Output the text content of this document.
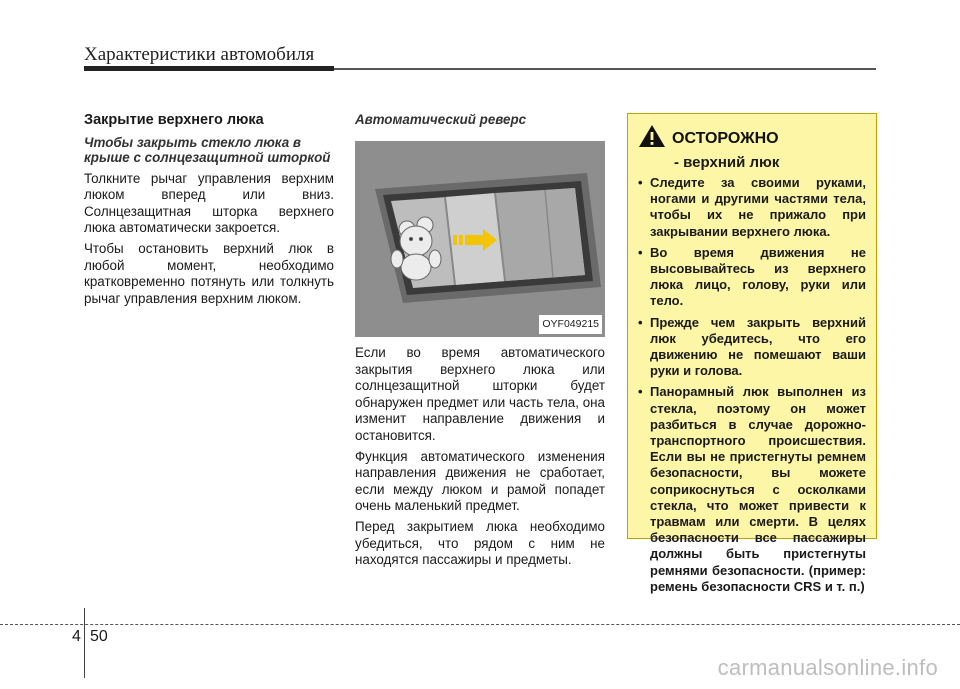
Характеристики автомобиля
Закрытие верхнего люка
Чтобы закрыть стекло люка в крыше с солнцезащитной шторкой

Толкните рычаг управления верхним люком вперед или вниз. Солнцезащитная шторка верхнего люка автоматически закроется.

Чтобы остановить верхний люк в любой момент, необходимо кратковременно потянуть или толкнуть рычаг управления верхним люком.

Автоматический реверс
OYF049215

Если во время автоматического закрытия верхнего люка или солнцезащитной шторки будет обнаружен предмет или часть тела, она изменит направление движения и остановится.

Функция автоматического изменения направления движения не сработает, если между люком и рамой попадет очень маленький предмет.

Перед закрытием люка необходимо убедиться, что рядом с ним не находятся пассажиры и предметы.

ОСТОРОЖНО
- верхний люк
• Следите за своими руками, ногами и другими частями тела, чтобы их не прижало при закрывании верхнего люка.
• Во время движения не высовывайтесь из верхнего люка лицо, голову, руки или тело.
• Прежде чем закрыть верхний люк убедитесь, что его движению не помешают ваши руки и голова.
• Панорамный люк выполнен из стекла, поэтому он может разбиться в случае дорожно-транспортного происшествия. Если вы не пристегнуты ремнем безопасности, вы можете соприкоснуться с осколками стекла, что может привести к травмам или смерти. В целях безопасности все пассажиры должны быть пристегнуты ремнями безопасности. (пример: ремень безопасности CRS и т. п.)
4 50
carmanualsonline.info
